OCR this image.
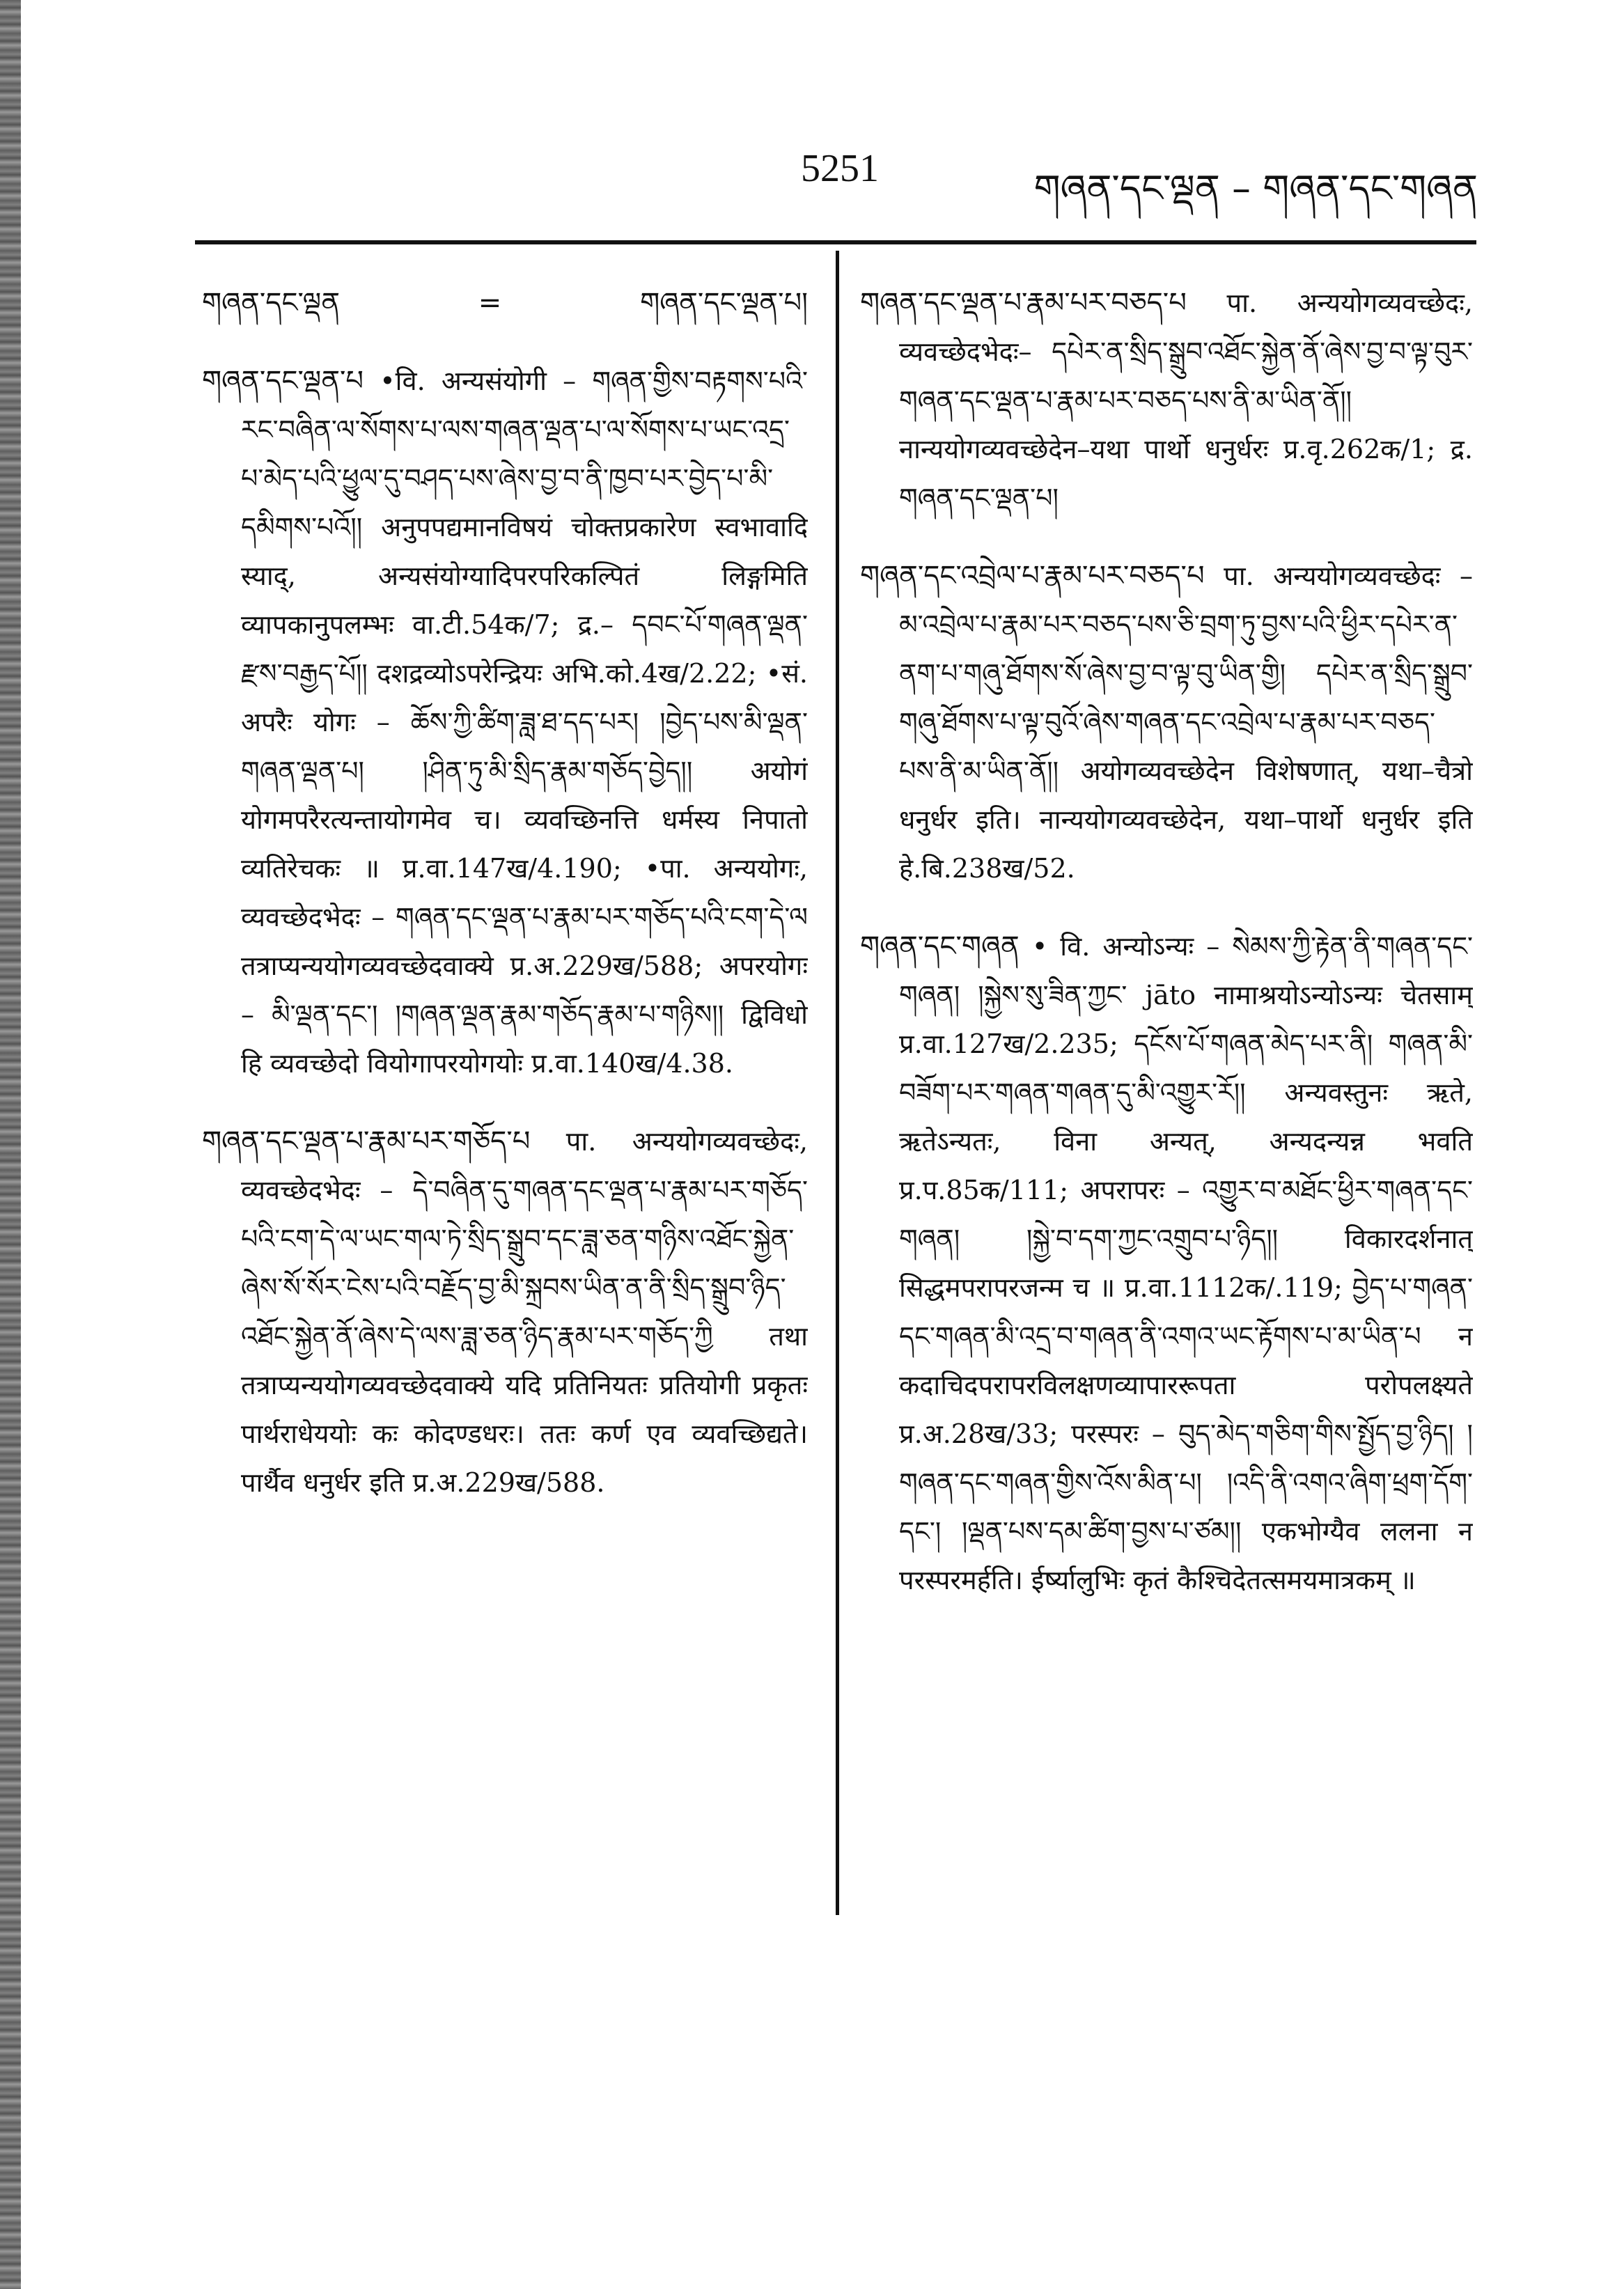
5251	གཞན་དང་ལྡན – གཞན་དང་གཞན
གཞན་དང་ལྡན	=	གཞན་དང་ལྡན་པ།

གཞན་དང་ལྡན་པ •वि. अन्यसंयोगी – གཞན་གྱིས་བརྟགས་པའི་རང་བཞིན་ལ་སོགས་པ་ལས་གཞན་ལྡན་པ་ལ་སོགས་པ་ཡང་འདྲ་པ་མེད་པའི་ཕྱུལ་དུ་བཤད་པས་ཞེས་བྱ་བ་ནི་ཁྱབ་པར་བྱེད་པ་མི་དམིགས་པའོ།། अनुपपद्यमानविषयं चोक्तप्रकारेण स्वभावादि स्याद्, अन्यसंयोग्यादिपरपरिकल्पितं लिङ्गमिति व्यापकानुपलम्भः वा.टी.54क/7; द्र.– དབང་པོ་གཞན་ལྡན་རྫས་བརྒྱད་པོ།། दशद्रव्योऽपरेन्द्रियः अभि.को.4ख/2.22; •सं. अपरैः योगः – ཆོས་ཀྱི་ཚིག་ཟླ་ཐ་དད་པར། །བྱེད་པས་མི་ལྡན་གཞན་ལྡན་པ། །ཤིན་ཏུ་མི་སྲིད་རྣམ་གཅོད་བྱེད།། अयोगं योगमपरैरत्यन्तायोगमेव च। व्यवच्छिनत्ति धर्मस्य निपातो व्यतिरेचकः ॥ प्र.वा.147ख/4.190; •पा. अन्ययोगः, व्यवच्छेदभेदः – གཞན་དང་ལྡན་པ་རྣམ་པར་གཅོད་པའི་ངག་དེ་ལ तत्राप्यन्ययोगव्यवच्छेदवाक्ये प्र.अ.229ख/588; अपरयोगः – མི་ལྡན་དང་། །གཞན་ལྡན་རྣམ་གཅོད་རྣམ་པ་གཉིས།། द्विविधो हि व्यवच्छेदो वियोगापरयोगयोः प्र.वा.140ख/4.38.

གཞན་དང་ལྡན་པ་རྣམ་པར་གཅོད་པ पा. अन्ययोगव्यवच्छेदः, व्यवच्छेदभेदः – དེ་བཞིན་དུ་གཞན་དང་ལྡན་པ་རྣམ་པར་གཅོད་པའི་ངག་དེ་ལ་ཡང་གལ་ཏེ་སྲིད་སྒྲུབ་དང་ཟླ་ཅན་གཉིས་འཐོང་སྐྱེན་ཞེས་སོ་སོར་ངེས་པའི་བརྗོད་བྱ་མི་སྐྲབས་ཡིན་ན་ནི་སྲིད་སྒྲུབ་ཉིད་འཐོང་སྐྱེན་ནོ་ཞེས་དེ་ལས་ཟླ་ཅན་ཉིད་རྣམ་པར་གཅོད་ཀྱི तथा तत्राप्यन्ययोगव्यवच्छेदवाक्ये यदि प्रतिनियतः प्रतियोगी प्रकृतः पार्थराधेययोः कः कोदण्डधरः। ततः कर्ण एव व्यवच्छिद्यते। पार्थैव धनुर्धर इति प्र.अ.229ख/588.

གཞན་དང་ལྡན་པ་རྣམ་པར་བཅད་པ पा. अन्ययोगव्यवच्छेदः, व्यवच्छेदभेदः– དཔེར་ན་སྲིད་སྒྲུབ་འཐོང་སྐྱེན་ནོ་ཞེས་བྱ་བ་ལྟ་བུར་གཞན་དང་ལྡན་པ་རྣམ་པར་བཅད་པས་ནི་མ་ཡིན་ནོ།། नान्ययोगव्यवच्छेदेन–यथा पार्थो धनुर्धरः प्र.वृ.262क/1; द्र. གཞན་དང་ལྡན་པ།

གཞན་དང་འབྲེལ་པ་རྣམ་པར་བཅད་པ पा. अन्ययोगव्यवच्छेदः – མ་འབྲེལ་པ་རྣམ་པར་བཅད་པས་ཅི་བྲག་ཏུ་བྱས་པའི་ཕྱིར་དཔེར་ན་ནག་པ་གཞུ་ཐོགས་སོ་ཞེས་བྱ་བ་ལྟ་བུ་ཡིན་གྱི། དཔེར་ན་སྲིད་སྒྲུབ་གཞུ་ཐོགས་པ་ལྟ་བུའོ་ཞེས་གཞན་དང་འབྲེལ་པ་རྣམ་པར་བཅད་པས་ནི་མ་ཡིན་ནོ།། अयोगव्यवच्छेदेन विशेषणात्, यथा–चैत्रो धनुर्धर इति। नान्ययोगव्यवच्छेदेन, यथा–पार्थो धनुर्धर इति हे.बि.238ख/52.

གཞན་དང་གཞན • वि. अन्योऽन्यः – སེམས་ཀྱི་རྟེན་ནི་གཞན་དང་གཞན། །སྐྱེས་སུ་ཟིན་ཀྱང་ jāto नामाश्रयोऽन्योऽन्यः चेतसाम् प्र.वा.127ख/2.235; དངོས་པོ་གཞན་མེད་པར་ནི། གཞན་མི་བཟོག་པར་གཞན་གཞན་དུ་མི་འགྱུར་རོ།། अन्यवस्तुनः ऋते, ऋतेऽन्यतः, विना अन्यत्, अन्यदन्यन्न भवति प्र.प.85क/111; अपरापरः – འགྱུར་བ་མཐོང་ཕྱིར་གཞན་དང་གཞན། །སྐྱེ་བ་དག་ཀྱང་འགྲུབ་པ་ཉིད།། विकारदर्शनात् सिद्धमपरापरजन्म च ॥ प्र.वा.1112क/.119; བྱེད་པ་གཞན་དང་གཞན་མི་འདྲ་བ་གཞན་ནི་འགའ་ཡང་རྟོགས་པ་མ་ཡིན་པ न कदाचिदपरापरविलक्षणव्यापाररूपता परोपलक्ष्यते प्र.अ.28ख/33; परस्परः – བུད་མེད་གཅིག་གིས་སྤྱོད་བྱ་ཉིད། །གཞན་དང་གཞན་གྱིས་འོས་མིན་པ། །འདི་ནི་འགའ་ཞིག་ཕྲག་དོག་དང་། །ལྡན་པས་དམ་ཚིག་བྱས་པ་ཙམ།། एकभोग्यैव ललना न परस्परमर्हति। ईर्ष्यालुभिः कृतं कैश्चिदेतत्समयमात्रकम् ॥
